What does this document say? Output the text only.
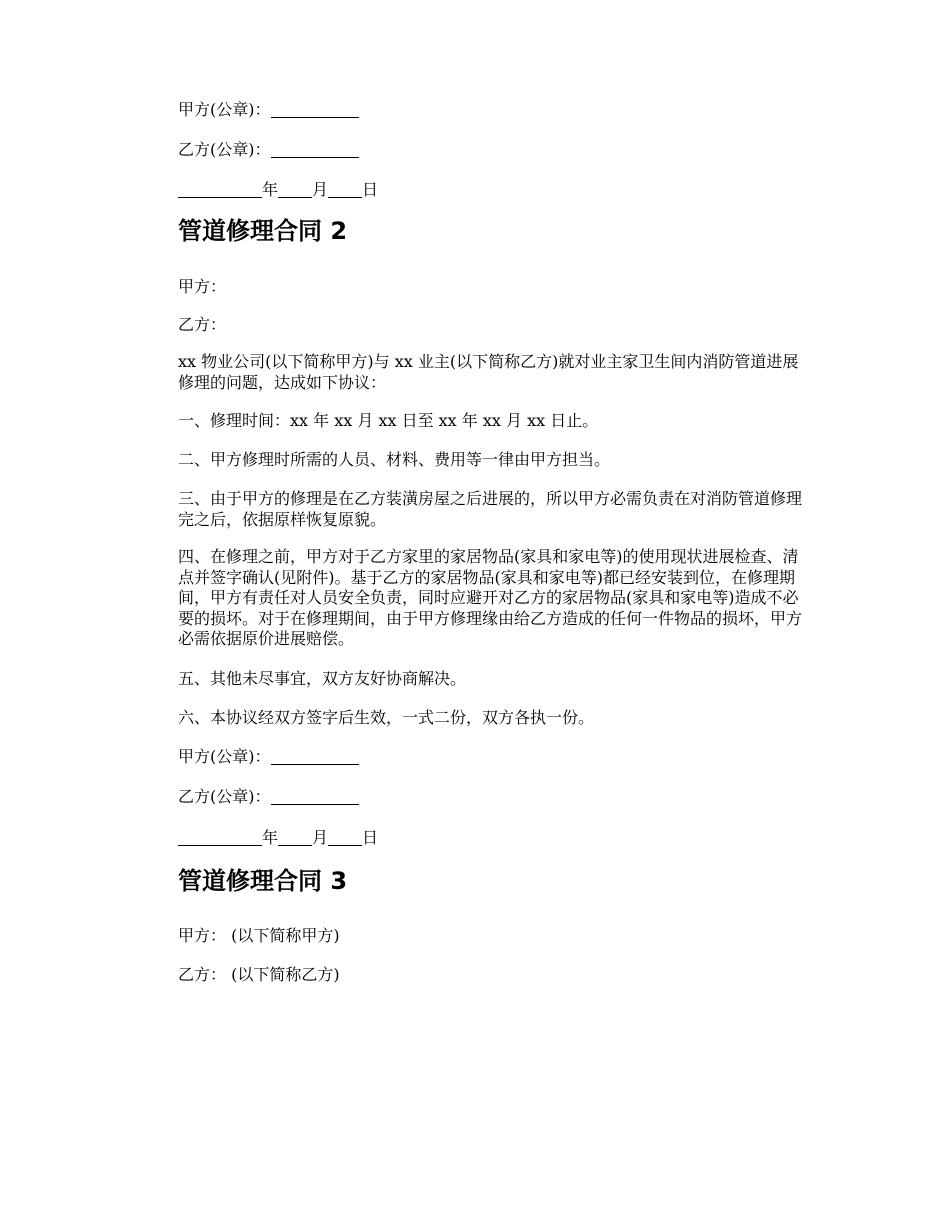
甲方(公章)：
乙方(公章)：
年 月 日
管道修理合同 2
甲方：
乙方：
xx 物业公司(以下简称甲方)与 xx 业主(以下简称乙方)就对业主家卫生间内消防管道进展修理的问题，达成如下协议：
一、修理时间：xx 年 xx 月 xx 日至 xx 年 xx 月 xx 日止。
二、甲方修理时所需的人员、材料、费用等一律由甲方担当。
三、由于甲方的修理是在乙方装潢房屋之后进展的，所以甲方必需负责在对消防管道修理完之后，依据原样恢复原貌。
四、在修理之前，甲方对于乙方家里的家居物品(家具和家电等)的使用现状进展检查、清点并签字确认(见附件)。基于乙方的家居物品(家具和家电等)都已经安装到位，在修理期间，甲方有责任对人员安全负责，同时应避开对乙方的家居物品(家具和家电等)造成不必要的损坏。对于在修理期间，由于甲方修理缘由给乙方造成的任何一件物品的损坏，甲方必需依据原价进展赔偿。
五、其他未尽事宜，双方友好协商解决。
六、本协议经双方签字后生效，一式二份，双方各执一份。
甲方(公章)：
乙方(公章)：
年 月 日
管道修理合同 3
甲方： (以下简称甲方)
乙方： (以下简称乙方)
